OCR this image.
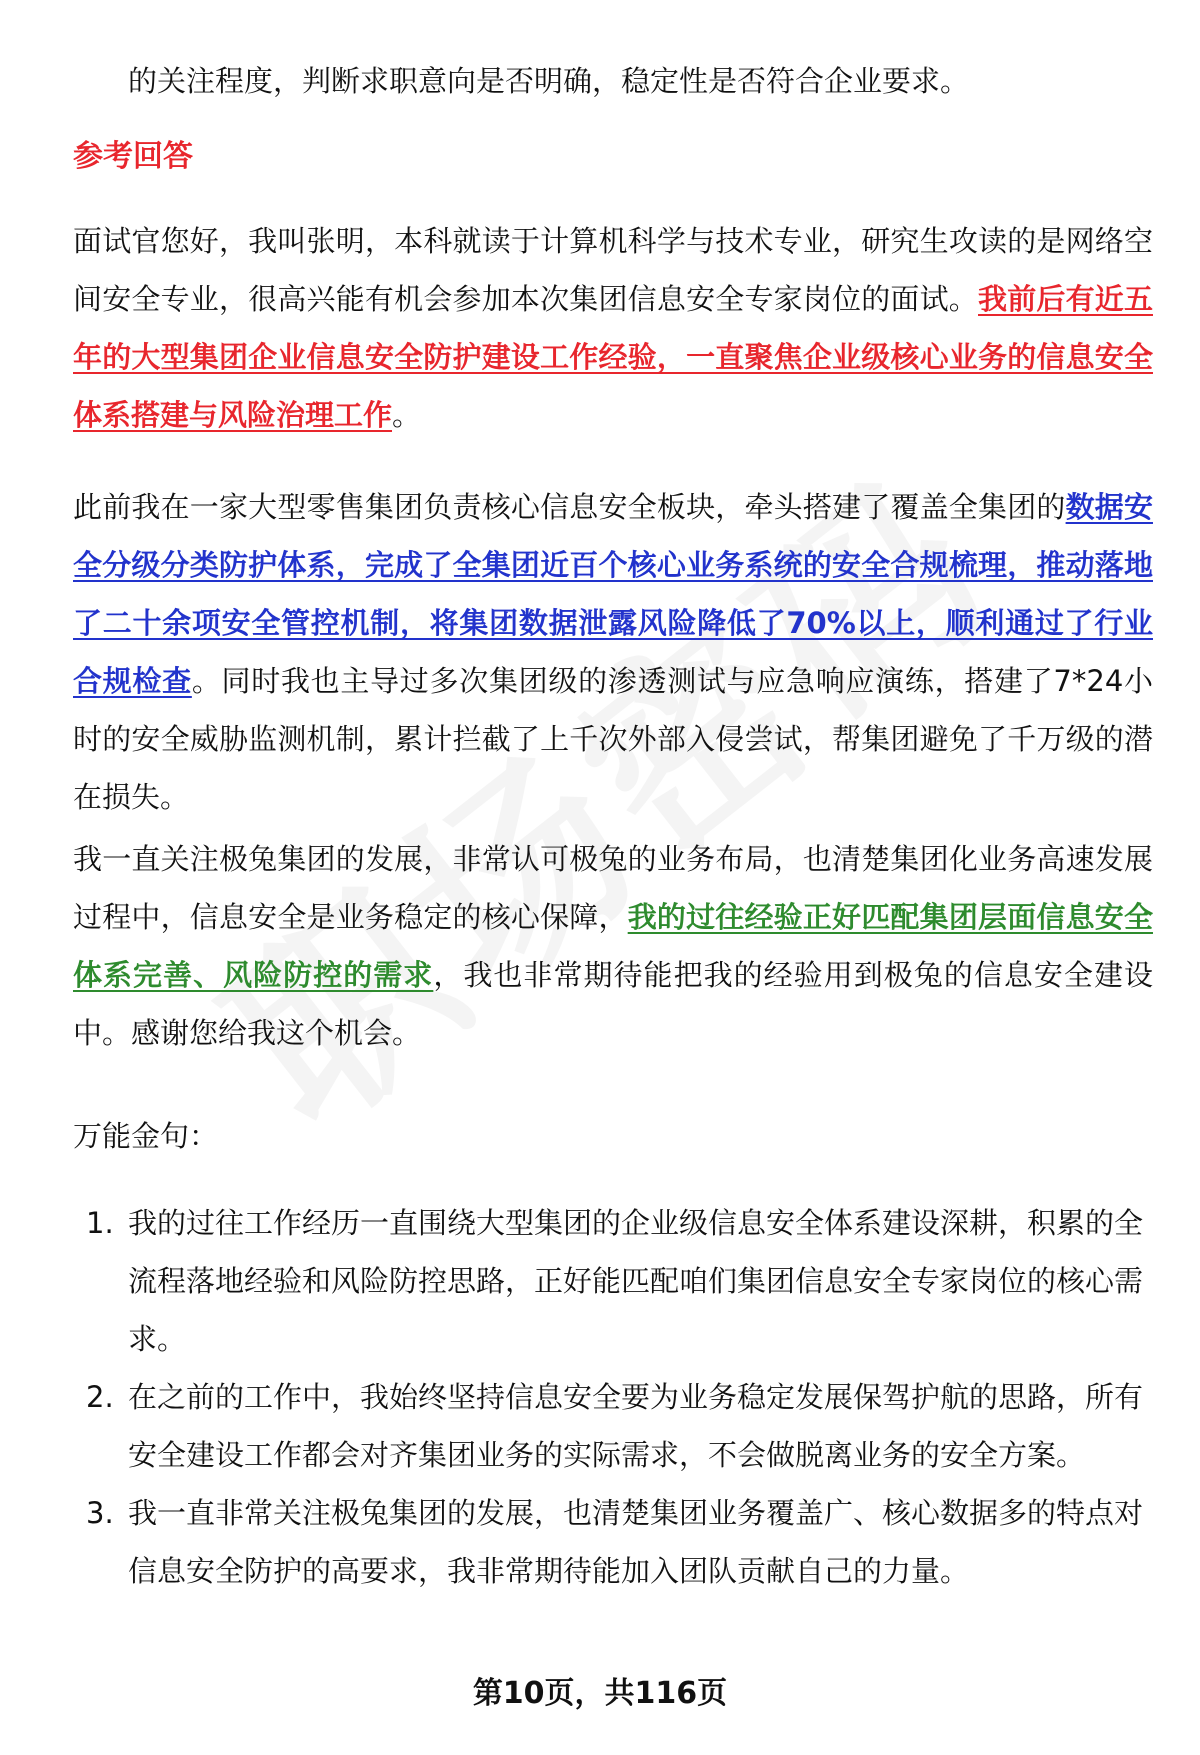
的关注程度，判断求职意向是否明确，稳定性是否符合企业要求。
参考回答
面试官您好，我叫张明，本科就读于计算机科学与技术专业，研究生攻读的是网络空间安全专业，很高兴能有机会参加本次集团信息安全专家岗位的面试。我前后有近五年的大型集团企业信息安全防护建设工作经验，一直聚焦企业级核心业务的信息安全体系搭建与风险治理工作。
此前我在一家大型零售集团负责核心信息安全板块，牵头搭建了覆盖全集团的数据安全分级分类防护体系，完成了全集团近百个核心业务系统的安全合规梳理，推动落地了二十余项安全管控机制，将集团数据泄露风险降低了70%以上，顺利通过了行业合规检查。同时我也主导过多次集团级的渗透测试与应急响应演练，搭建了7*24小时的安全威胁监测机制，累计拦截了上千次外部入侵尝试，帮集团避免了千万级的潜在损失。
我一直关注极兔集团的发展，非常认可极兔的业务布局，也清楚集团化业务高速发展过程中，信息安全是业务稳定的核心保障，我的过往经验正好匹配集团层面信息安全体系完善、风险防控的需求，我也非常期待能把我的经验用到极兔的信息安全建设中。感谢您给我这个机会。
万能金句：
1. 我的过往工作经历一直围绕大型集团的企业级信息安全体系建设深耕，积累的全流程落地经验和风险防控思路，正好能匹配咱们集团信息安全专家岗位的核心需求。
2. 在之前的工作中，我始终坚持信息安全要为业务稳定发展保驾护航的思路，所有安全建设工作都会对齐集团业务的实际需求，不会做脱离业务的安全方案。
3. 我一直非常关注极兔集团的发展，也清楚集团业务覆盖广、核心数据多的特点对信息安全防护的高要求，我非常期待能加入团队贡献自己的力量。
第10页，共116页
